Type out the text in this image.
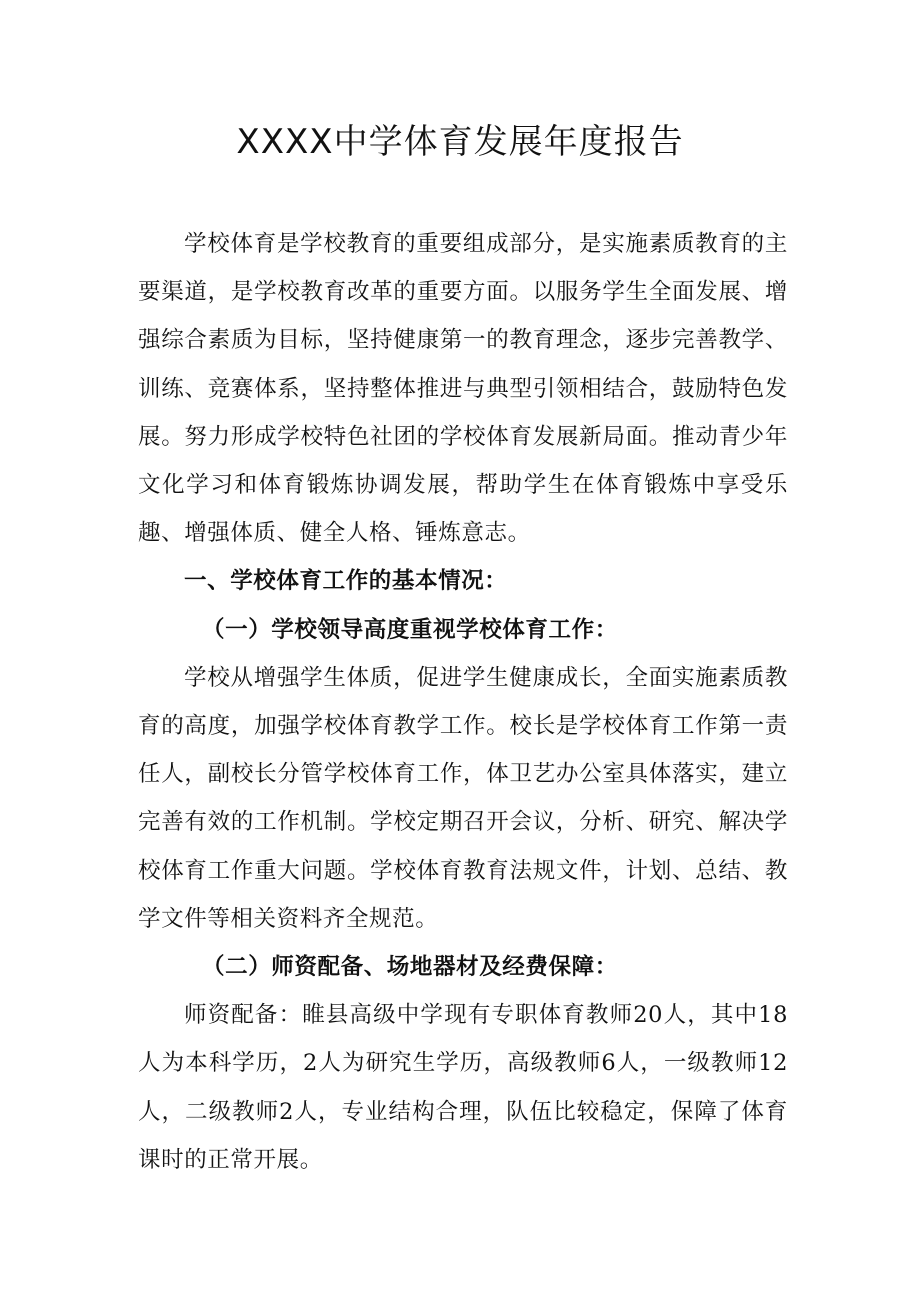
XXXX中学体育发展年度报告

学校体育是学校教育的重要组成部分，是实施素质教育的主要渠道，是学校教育改革的重要方面。以服务学生全面发展、增强综合素质为目标，坚持健康第一的教育理念，逐步完善教学、训练、竞赛体系，坚持整体推进与典型引领相结合，鼓励特色发展。努力形成学校特色社团的学校体育发展新局面。推动青少年文化学习和体育锻炼协调发展，帮助学生在体育锻炼中享受乐趣、增强体质、健全人格、锤炼意志。

一、学校体育工作的基本情况：

（一）学校领导高度重视学校体育工作：

学校从增强学生体质，促进学生健康成长，全面实施素质教育的高度，加强学校体育教学工作。校长是学校体育工作第一责任人，副校长分管学校体育工作，体卫艺办公室具体落实，建立完善有效的工作机制。学校定期召开会议，分析、研究、解决学校体育工作重大问题。学校体育教育法规文件，计划、总结、教学文件等相关资料齐全规范。

（二）师资配备、场地器材及经费保障：

师资配备：睢县高级中学现有专职体育教师20人，其中18人为本科学历，2人为研究生学历，高级教师6人，一级教师12人，二级教师2人，专业结构合理，队伍比较稳定，保障了体育课时的正常开展。
